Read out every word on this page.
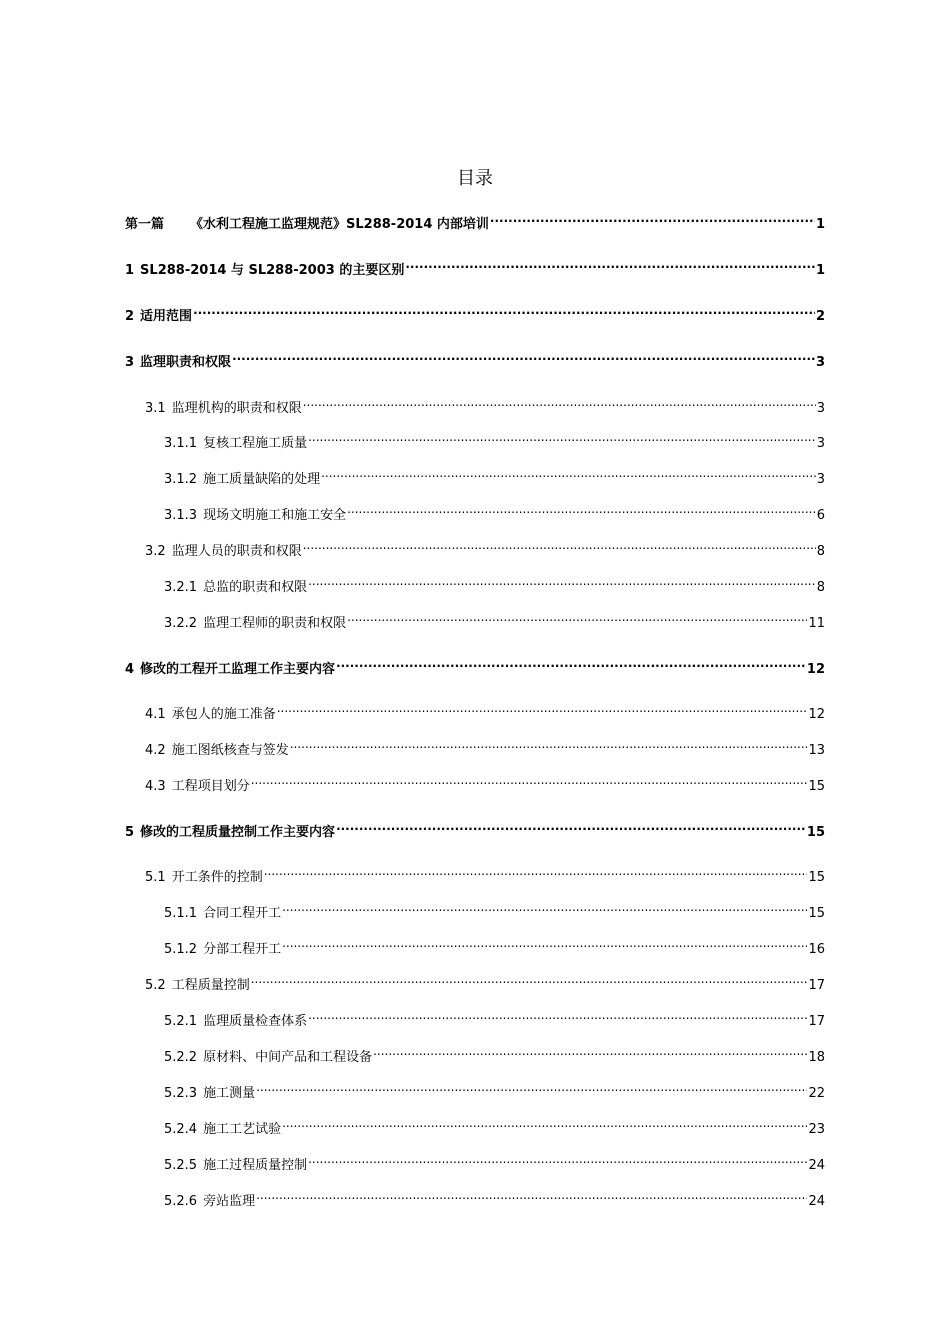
目录
第一篇 《水利工程施工监理规范》SL288-2014 内部培训 .....	1
1 SL288-2014 与 SL288-2003 的主要区别 .....	1
2 适用范围 .....	2
3 监理职责和权限 .....	3
3.1 监理机构的职责和权限 .....	3
3.1.1 复核工程施工质量 .....	3
3.1.2 施工质量缺陷的处理 .....	3
3.1.3 现场文明施工和施工安全 .....	6
3.2 监理人员的职责和权限 .....	8
3.2.1 总监的职责和权限 .....	8
3.2.2 监理工程师的职责和权限 .....	11
4 修改的工程开工监理工作主要内容 .....	12
4.1 承包人的施工准备 .....	12
4.2 施工图纸核查与签发 .....	13
4.3 工程项目划分 .....	15
5 修改的工程质量控制工作主要内容 .....	15
5.1 开工条件的控制 .....	15
5.1.1 合同工程开工 .....	15
5.1.2 分部工程开工 .....	16
5.2 工程质量控制 .....	17
5.2.1 监理质量检查体系 .....	17
5.2.2 原材料、中间产品和工程设备 .....	18
5.2.3 施工测量 .....	22
5.2.4 施工工艺试验 .....	23
5.2.5 施工过程质量控制 .....	24
5.2.6 旁站监理 .....	24
